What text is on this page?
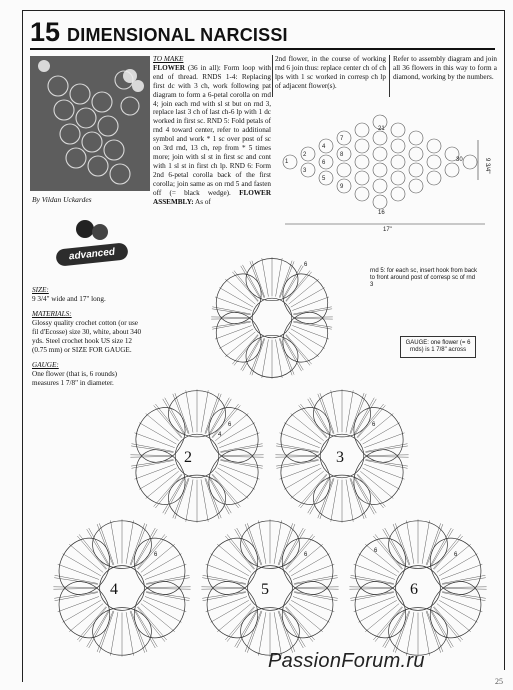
15 DIMENSIONAL NARCISSI
By Vildan Uckardes
advanced
SIZE:
9 3/4" wide and 17" long.
MATERIALS:
Glossy quality crochet cotton (or use fil d'Ecosse) size 30, white, about 340 yds. Steel crochet hook US size 12 (0.75 mm) or SIZE FOR GAUGE.
GAUGE:
One flower (that is, 6 rounds) measures 1 7/8" in diameter.
TO MAKE
FLOWER (36 in all): Form loop with end of thread. RNDS 1-4: Replacing first dc with 3 ch, work following pat diagram to form a 6-petal corolla on rnd 4; join each rnd with sl st but on rnd 3, replace last 3 ch of last ch-6 lp with 1 dc worked in first sc. RND 5: Fold petals of rnd 4 toward center, refer to additional symbol and work * 1 sc over post of sc on 3rd rnd, 13 ch, rep from * 5 times more; join with sl st in first sc and cont with 1 sl st in first ch lp. RND 6: Form 2nd 6-petal corolla back of the first corolla; join same as on rnd 5 and fasten off (= black wedge). FLOWER ASSEMBLY: As of
2nd flower, in the course of working rnd 6 join thus: replace center ch of ch lps with 1 sc worked in corresp ch lp of adjacent flower(s).
Refer to assembly diagram and join all 36 flowers in this way to form a diamond, working by the numbers.
1
2
3
4
5
6
7
8
9
30
21
16
17"
9 3/4"
rnd 5: for each sc, insert hook from back to front around post of corresp sc of rnd 3
GAUGE: one flower (= 6 rnds) is 1 7/8" across
2	3
4	5	6
6
6
4
6
6	6	6
6
PassionForum.ru
25
